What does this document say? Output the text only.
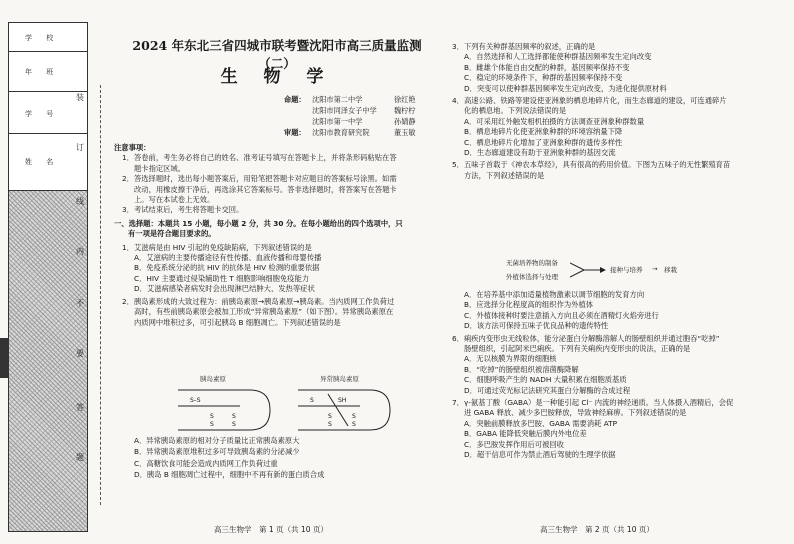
学 校
年 班
学 号
姓 名
装
订
线
内
不
要
答
题
2024 年东北三省四城市联考暨沈阳市高三质量监测（二）
生 物 学
命题： 沈阳市第二中学	徐红艳
沈阳市同泽女子中学 魏柠柠
沈阳市第一中学	孙婧静
审题： 沈阳市教育研究院	董玉敏

注意事项：

1．答卷前，考生务必将自己的姓名、准考证号填写在答题卡上，并将条形码粘贴在答

题卡指定区域。

2．答选择题时，选出每小题答案后，用铅笔把答题卡对应题目的答案标号涂黑。如需

改动，用橡皮擦干净后，再选涂其它答案标号。答非选择题时，将答案写在答题卡

上。写在本试卷上无效。

3．考试结束后，考生将答题卡交回。

一、选择题：本题共 15 小题，每小题 2 分，共 30 分。在每小题给出的四个选项中，只

有一项是符合题目要求的。

1．艾滋病是由 HIV 引起的免疫缺陷病，下列叙述错误的是

A．艾滋病的主要传播途径有性传播、血液传播和母婴传播

B．免疫系统分泌的抗 HIV 的抗体是 HIV 检测的重要依据

C．HIV 主要通过侵染辅助性 T 细胞影响细胞免疫能力

D．艾滋病感染者病发时会出现淋巴结肿大、发热等症状

2．胰岛素形成的大致过程为：前胰岛素原→胰岛素原→胰岛素。当内质网工作负荷过

高时，有些前胰岛素原会被加工形成“异常胰岛素原”（如下图）。异常胰岛素原在

内质网中堆积过多，可引起胰岛 B 细胞凋亡。下列叙述错误的是

胰岛素原	异常胰岛素原
S–S
S
S
S
S
S	SH
S
S
S
S

A．异常胰岛素原的相对分子质量比正常胰岛素原大

B．异常胰岛素原堆积过多可导致胰岛素的分泌减少

C．高糖饮食可能会造成内质网工作负荷过重

D．胰岛 B 细胞凋亡过程中，细胞中不再有新的蛋白质合成

3．下列有关种群基因频率的叙述，正确的是

A．自然选择和人工选择都能使种群基因频率发生定向改变

B．雌雄个体能自由交配的种群，基因频率保持不变

C．稳定的环境条件下，种群的基因频率保持不变

D．突变可以使种群基因频率发生定向改变，为进化提供原材料

4．高速公路、铁路等建设使亚洲象的栖息地碎片化，而生态廊道的建设，可连通碎片

化的栖息地。下列说法错误的是

A．可采用红外触发相机拍摄的方法调查亚洲象种群数量

B．栖息地碎片化使亚洲象种群的环境容纳量下降

C．栖息地碎片化增加了亚洲象种群的遗传多样性

D．生态廊道建设有助于亚洲象种群的基因交流

5．五味子首载于《神农本草经》，具有很高的药用价值。下图为五味子的无性繁殖育苗

方法，下列叙述错误的是

无菌培养物的制备
外植体选择与处理
接种与培养 → 移栽

A．在培养基中添加适量植物激素以调节细胞的发育方向

B．应选择分化程度高的组织作为外植体

C．外植体接种时要注意插入方向且必须在酒精灯火焰旁进行

D．该方法可保持五味子优良品种的遗传特性

6．痢疾内变形虫无线粒体，能分泌蛋白分解酶溶解人的肠壁组织并通过胞吞“吃掉”

肠壁组织，引起阿米巴痢疾。下列有关痢疾内变形虫的说法，正确的是

A．无以核膜为界限的细胞核

B．“吃掉”的肠壁组织被溶菌酶降解

C．细胞呼吸产生的 NADH 大量积累在细胞质基质

D．可通过荧光标记法研究其蛋白分解酶的合成过程

7．γ-氨基丁酸（GABA）是一种能引起 Cl⁻ 内流的神经递质。当人体摄入酒精后，会促

进 GABA 释放、减少多巴胺释放，导致神经麻痹。下列叙述错误的是

A．突触前膜释放多巴胺、GABA 需要消耗 ATP

B．GABA 能降低突触后膜内外电位差

C．多巴胺发挥作用后可被回收

D．超干信息可作为禁止酒后驾驶的生理学依据

高三生物学　第 1 页（共 10 页）	高三生物学　第 2 页（共 10 页）
